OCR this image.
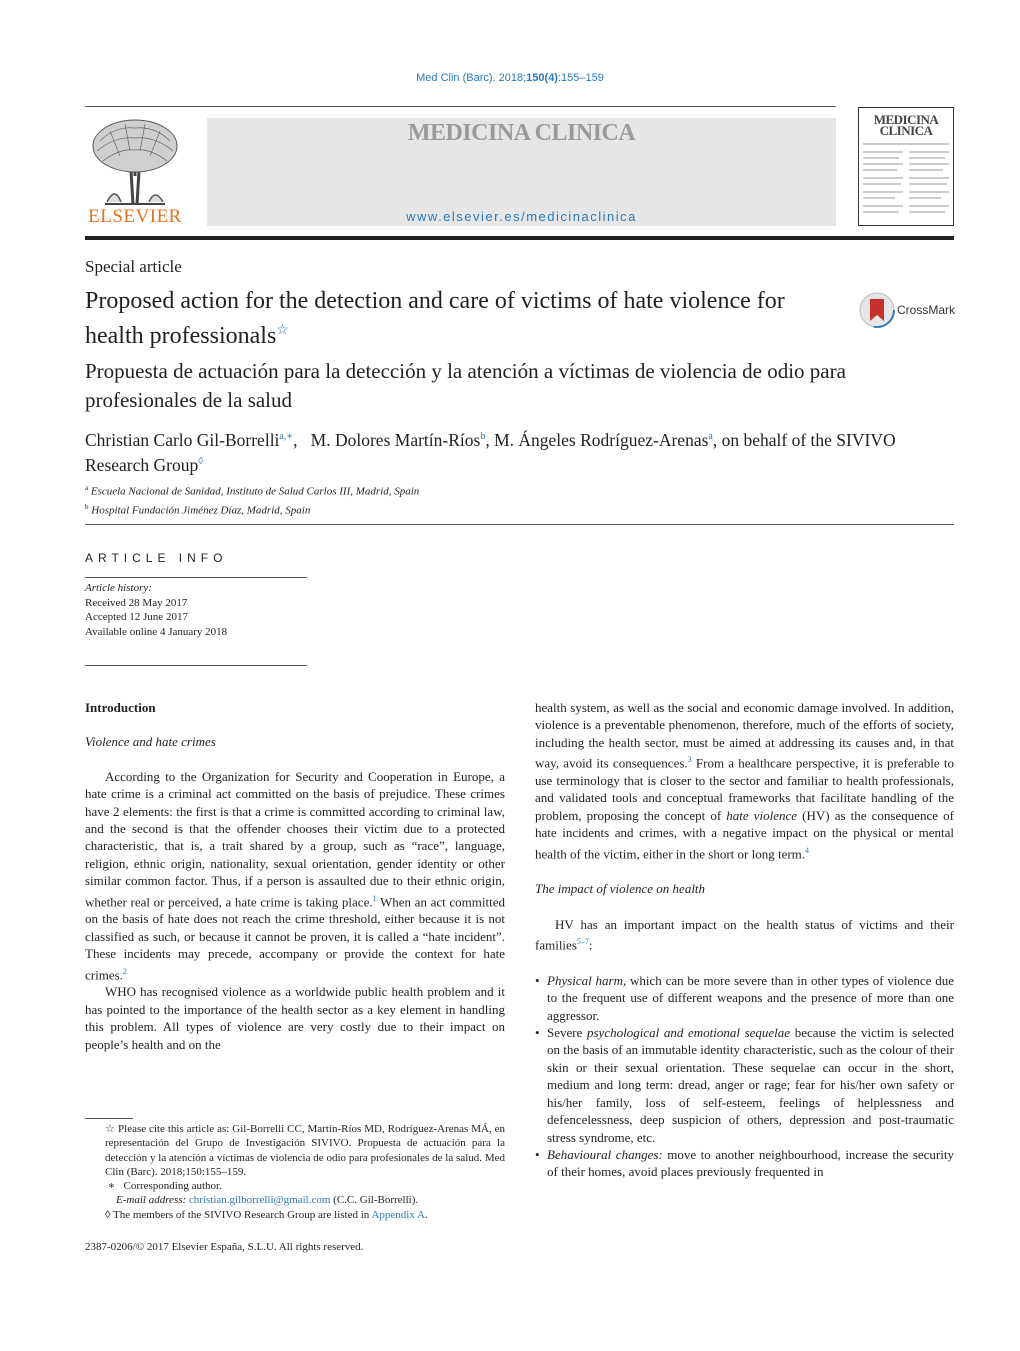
Med Clin (Barc). 2018;150(4):155–159
ELSEVIER
MEDICINA CLINICA
www.elsevier.es/medicinaclinica
MEDICINA CLINICA
Special article
Proposed action for the detection and care of victims of hate violence for health professionals☆
CrossMark
Propuesta de actuación para la detección y la atención a víctimas de violencia de odio para profesionales de la salud
Christian Carlo Gil-Borrelli$^{a,∗}$,   M. Dolores Martín-Ríos$^b$, M. Ángeles Rodríguez-Arenas$^a$, on behalf of the SIVIVO Research Group◊
$^a$ Escuela Nacional de Sanidad, Instituto de Salud Carlos III, Madrid, Spain
$^b$ Hospital Fundación Jiménez Díaz, Madrid, Spain
ARTICLE INFO
Article history:
Received 28 May 2017
Accepted 12 June 2017
Available online 4 January 2018

Introduction

Violence and hate crimes

According to the Organization for Security and Cooperation in Europe, a hate crime is a criminal act committed on the basis of prejudice. These crimes have 2 elements: the first is that a crime is committed according to criminal law, and the second is that the offender chooses their victim due to a protected characteristic, that is, a trait shared by a group, such as “race”, language, religion, ethnic origin, nationality, sexual orientation, gender identity or other similar common factor. Thus, if a person is assaulted due to their ethnic origin, whether real or perceived, a hate crime is taking place.$^1$ When an act committed on the basis of hate does not reach the crime threshold, either because it is not classified as such, or because it cannot be proven, it is called a “hate incident”. These incidents may precede, accompany or provide the context for hate crimes.$^2$

WHO has recognised violence as a worldwide public health problem and it has pointed to the importance of the health sector as a key element in handling this problem. All types of violence are very costly due to their impact on people’s health and on the

☆ Please cite this article as: Gil-Borrelli CC, Martín-Ríos MD, Rodríguez-Arenas MÁ, en representación del Grupo de Investigación SIVIVO. Propuesta de actuación para la detección y la atención a víctimas de violencia de odio para profesionales de la salud. Med Clin (Barc). 2018;150:155–159.

∗ Corresponding author.

E-mail address: christian.gilborrelli@gmail.com (C.C. Gil-Borrelli).

◊ The members of the SIVIVO Research Group are listed in Appendix A.

2387-0206/© 2017 Elsevier España, S.L.U. All rights reserved.

health system, as well as the social and economic damage involved. In addition, violence is a preventable phenomenon, therefore, much of the efforts of society, including the health sector, must be aimed at addressing its causes and, in that way, avoid its consequences.$^3$ From a healthcare perspective, it is preferable to use terminology that is closer to the sector and familiar to health professionals, and validated tools and conceptual frameworks that facilitate handling of the problem, proposing the concept of hate violence (HV) as the consequence of hate incidents and crimes, with a negative impact on the physical or mental health of the victim, either in the short or long term.$^4$

The impact of violence on health

HV has an important impact on the health status of victims and their families$^{5-7}$:

• Physical harm, which can be more severe than in other types of violence due to the frequent use of different weapons and the presence of more than one aggressor.
• Severe psychological and emotional sequelae because the victim is selected on the basis of an immutable identity characteristic, such as the colour of their skin or their sexual orientation. These sequelae can occur in the short, medium and long term: dread, anger or rage; fear for his/her own safety or his/her family, loss of self-esteem, feelings of helplessness and defencelessness, deep suspicion of others, depression and post-traumatic stress syndrome, etc.
• Behavioural changes: move to another neighbourhood, increase the security of their homes, avoid places previously frequented in
